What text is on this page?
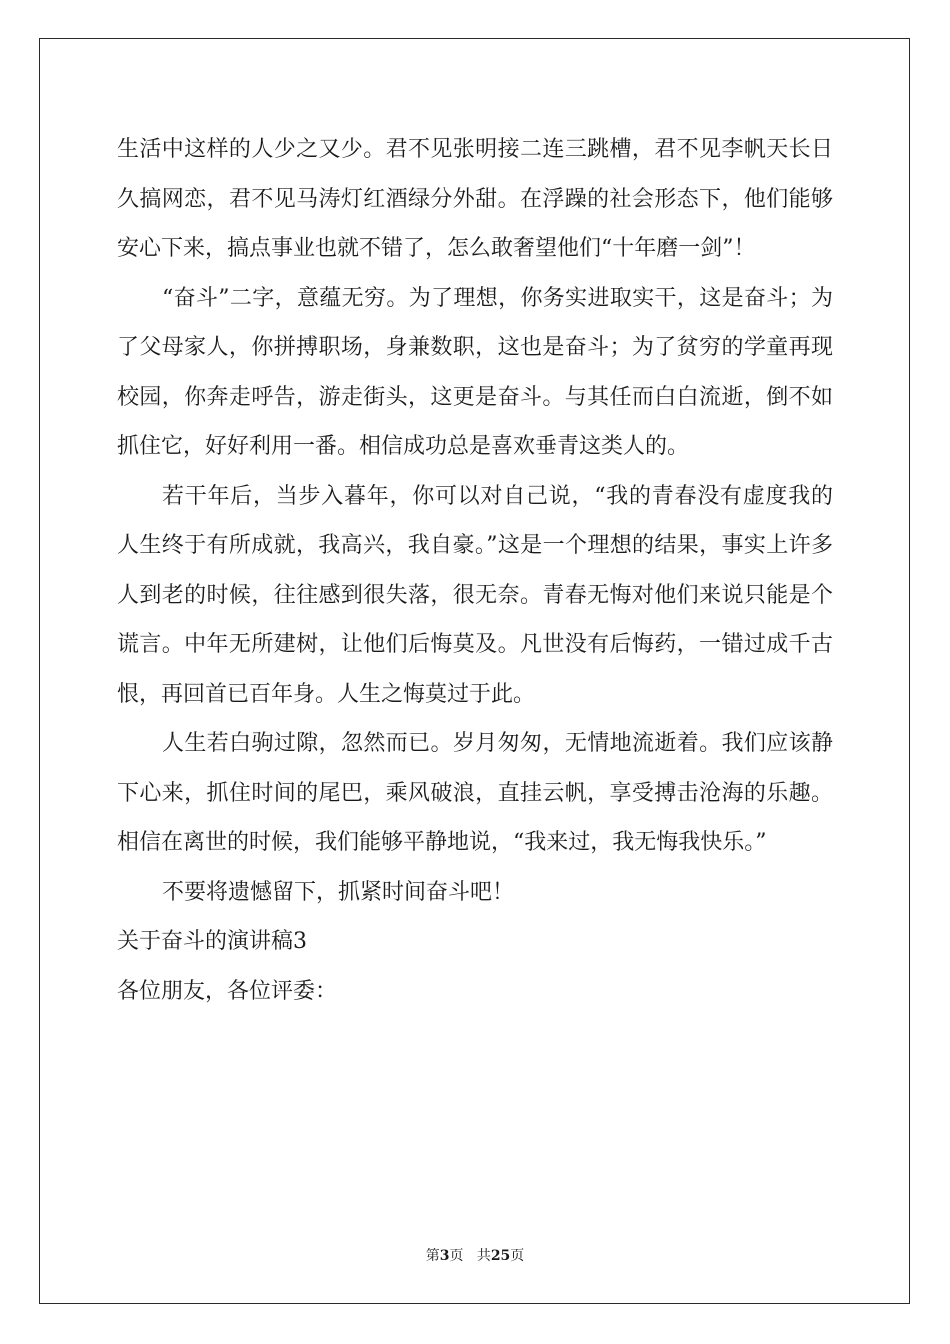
生活中这样的人少之又少。君不见张明接二连三跳槽，君不见李帆天长日久搞网恋，君不见马涛灯红酒绿分外甜。在浮躁的社会形态下，他们能够安心下来，搞点事业也就不错了，怎么敢奢望他们“十年磨一剑”！

“奋斗”二字，意蕴无穷。为了理想，你务实进取实干，这是奋斗；为了父母家人，你拼搏职场，身兼数职，这也是奋斗；为了贫穷的学童再现校园，你奔走呼告，游走街头，这更是奋斗。与其任而白白流逝，倒不如抓住它，好好利用一番。相信成功总是喜欢垂青这类人的。

若干年后，当步入暮年，你可以对自己说，“我的青春没有虚度我的人生终于有所成就，我高兴，我自豪。”这是一个理想的结果，事实上许多人到老的时候，往往感到很失落，很无奈。青春无悔对他们来说只能是个谎言。中年无所建树，让他们后悔莫及。凡世没有后悔药，一错过成千古恨，再回首已百年身。人生之悔莫过于此。

人生若白驹过隙，忽然而已。岁月匆匆，无情地流逝着。我们应该静下心来，抓住时间的尾巴，乘风破浪，直挂云帆，享受搏击沧海的乐趣。相信在离世的时候，我们能够平静地说，“我来过，我无悔我快乐。”

不要将遗憾留下，抓紧时间奋斗吧！

关于奋斗的演讲稿3

各位朋友，各位评委：

第3页 共25页
